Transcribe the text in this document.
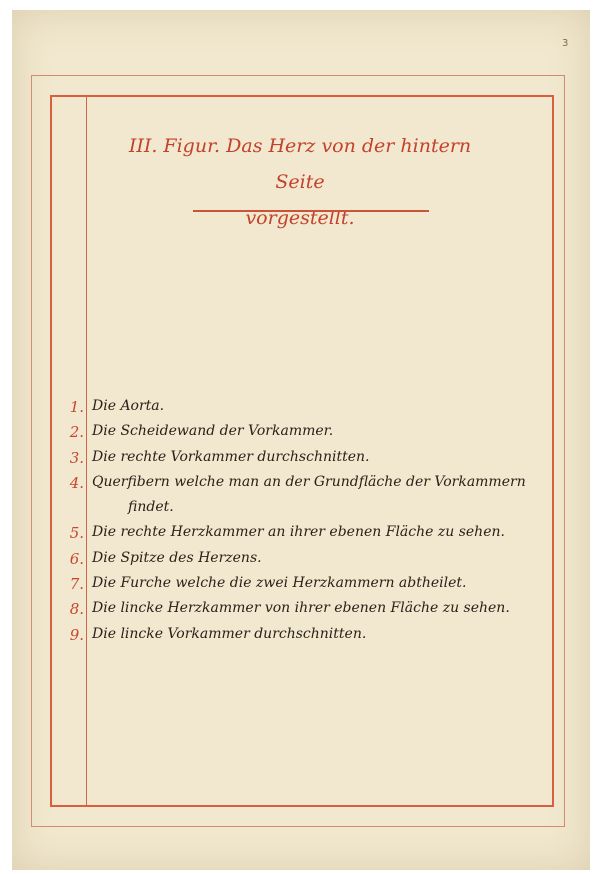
3
III. Figur. Das Herz von der hintern Seite
vorgestellt.
1. Die Aorta.
2. Die Scheidewand der Vorkammer.
3. Die rechte Vorkammer durchschnitten.
4. Querfibern welche man an der Grundfläche der Vorkammern
findet.
5. Die rechte Herzkammer an ihrer ebenen Fläche zu sehen.
6. Die Spitze des Herzens.
7. Die Furche welche die zwei Herzkammern abtheilet.
8. Die lincke Herzkammer von ihrer ebenen Fläche zu sehen.
9. Die lincke Vorkammer durchschnitten.
